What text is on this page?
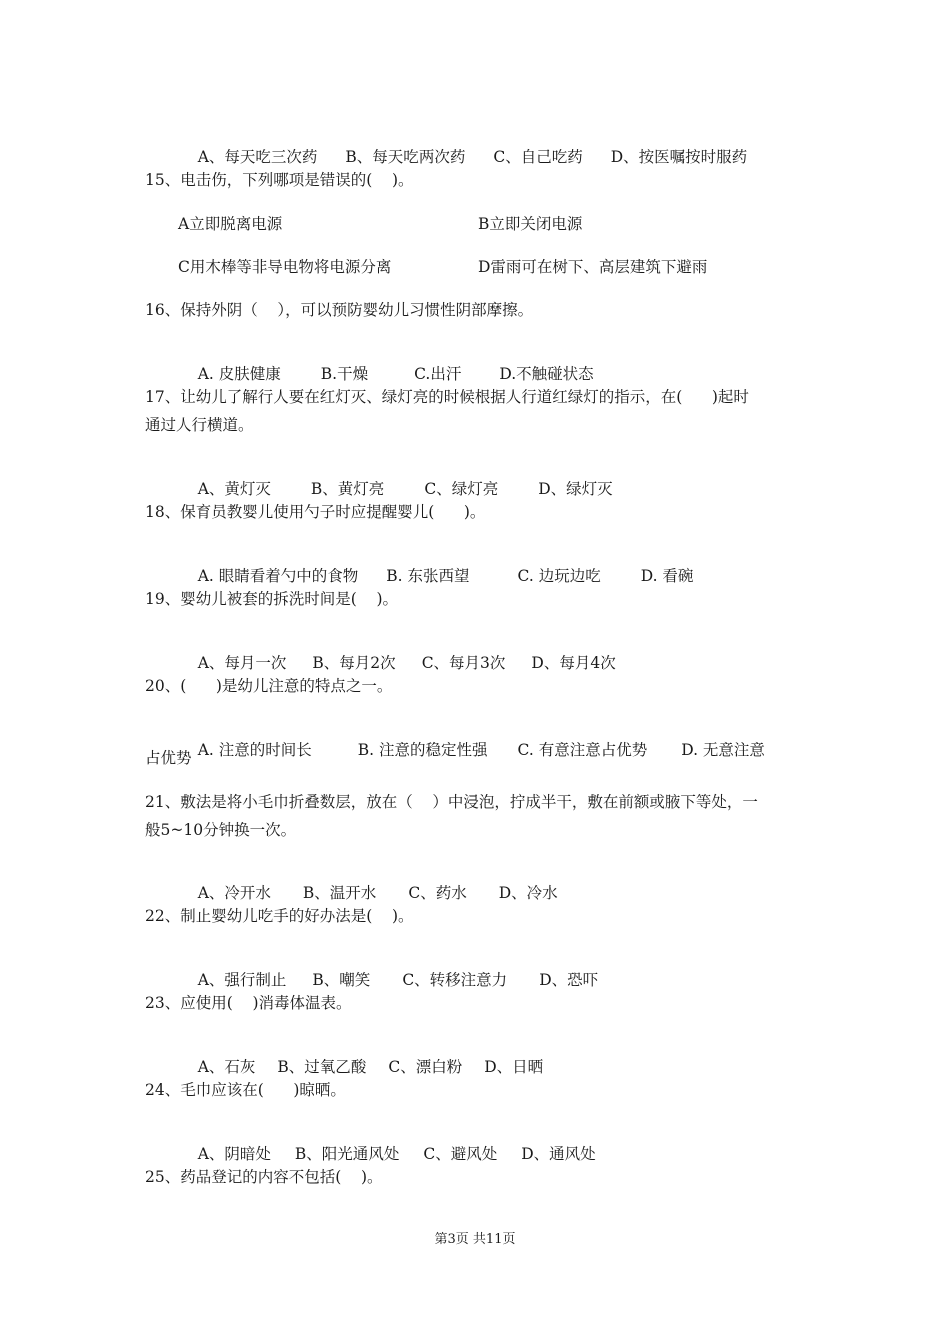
A、每天吃三次药 B、每天吃两次药 C、自己吃药 D、按医嘱按时服药

15、电击伤，下列哪项是错误的(    )。
A立即脱离电源	B立即关闭电源
C用木棒等非导电物将电源分离	D雷雨可在树下、高层建筑下避雨
16、保持外阴（    ），可以预防婴幼儿习惯性阴部摩擦。

A. 皮肤健康	B.干燥	C.出汗 D.不触碰状态

17、让幼儿了解行人要在红灯灭、绿灯亮的时候根据人行道红绿灯的指示，在(      )起时
通过人行横道。

A、黄灯灭	B、黄灯亮	C、绿灯亮	D、绿灯灭

18、保育员教婴儿使用勺子时应提醒婴儿(      )。

A. 眼睛看着勺中的食物 B. 东张西望	C. 边玩边吃	D. 看碗

19、婴幼儿被套的拆洗时间是(    )。

A、每月一次 B、每月2次 C、每月3次 D、每月4次

20、(      )是幼儿注意的特点之一。

A. 注意的时间长	B. 注意的稳定性强 C. 有意注意占优势 D. 无意注意

占优势
21、敷法是将小毛巾折叠数层，放在（    ）中浸泡，拧成半干，敷在前额或腋下等处，一
般5~10分钟换一次。

A、冷开水 B、温开水 C、药水 D、冷水

22、制止婴幼儿吃手的好办法是(    )。

A、强行制止 B、嘲笑 C、转移注意力 D、恐吓

23、应使用(    )消毒体温表。

A、石灰 B、过氧乙酸 C、漂白粉 D、日晒

24、毛巾应该在(      )晾晒。

A、阴暗处 B、阳光通风处 C、避风处 D、通风处

25、药品登记的内容不包括(    )。
第3页 共11页
